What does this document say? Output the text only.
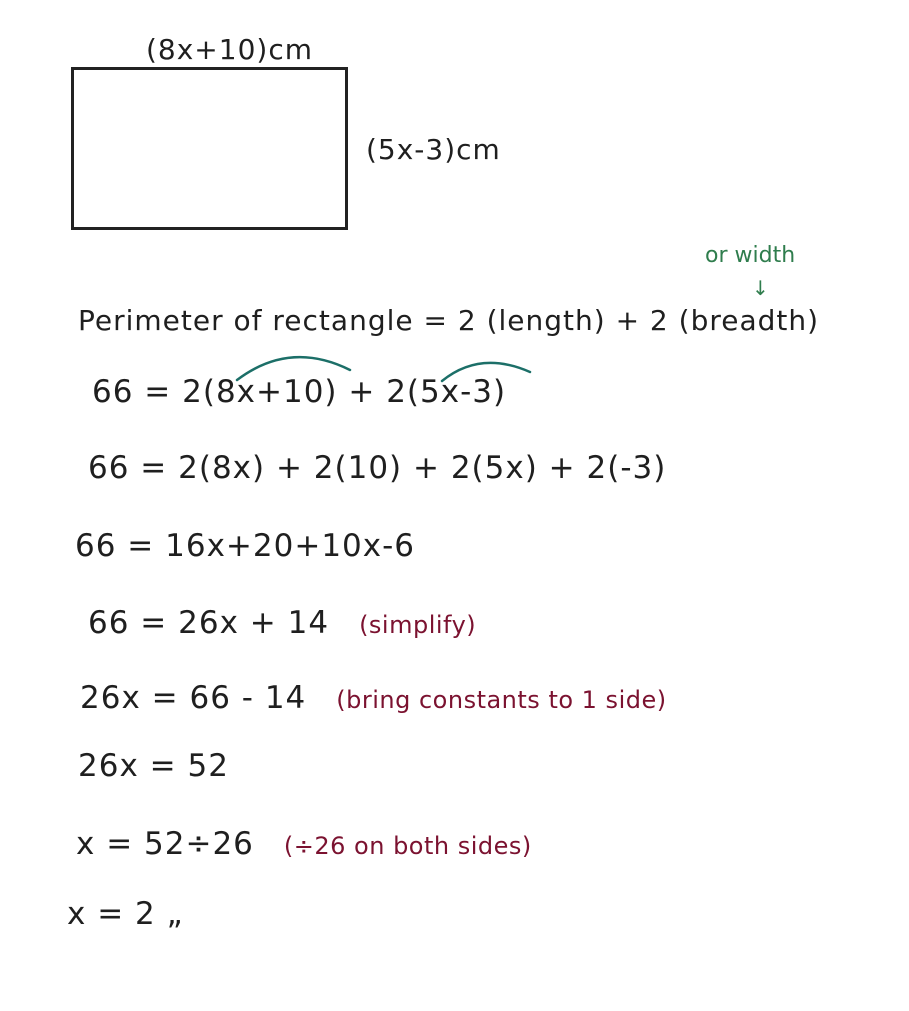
(8x+10)cm
(5x-3)cm
or width
↓
Perimeter of rectangle = 2 (length) + 2 (breadth)
66 = 2(8x+10) + 2(5x-3)
66 = 2(8x) + 2(10) + 2(5x) + 2(-3)
66 = 16x+20+10x-6
66 = 26x + 14 (simplify)
26x = 66 - 14 (bring constants to 1 side)
26x = 52
x = 52÷26 (÷26 on both sides)
x = 2 „
